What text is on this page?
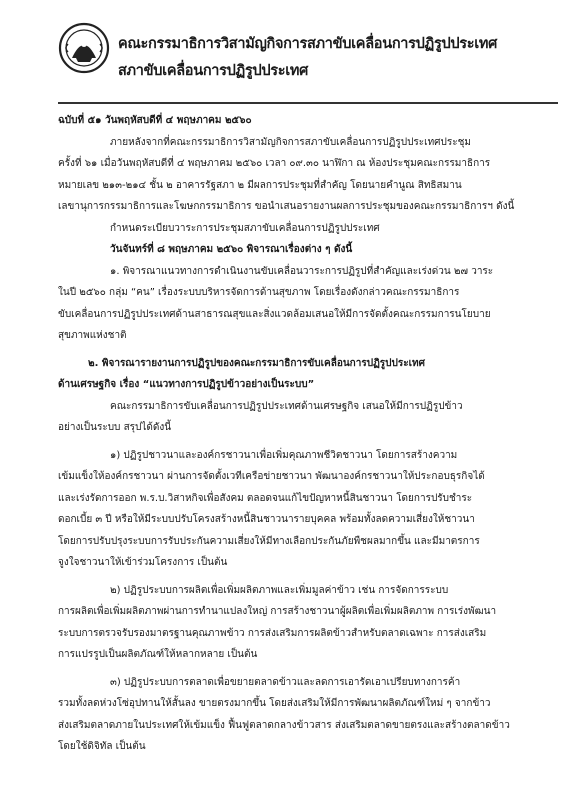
คณะกรรมาธิการวิสามัญกิจการสภาขับเคลื่อนการปฏิรูปประเทศ
สภาขับเคลื่อนการปฏิรูปประเทศ
ฉบับที่ ๕๑ วันพฤหัสบดีที่ ๔ พฤษภาคม ๒๕๖๐
ภายหลังจากที่คณะกรรมาธิการวิสามัญกิจการสภาขับเคลื่อนการปฏิรูปประเทศประชุม
ครั้งที่ ๖๑ เมื่อวันพฤหัสบดีที่ ๔ พฤษภาคม ๒๕๖๐ เวลา ๐๙.๓๐ นาฬิกา ณ ห้องประชุมคณะกรรมาธิการ
หมายเลข ๒๑๓-๒๑๔ ชั้น ๒ อาคารรัฐสภา ๒ มีผลการประชุมที่สำคัญ โดยนายคำนูณ สิทธิสมาน
เลขานุการกรรมาธิการและโฆษกกรรมาธิการ ขอนำเสนอรายงานผลการประชุมของคณะกรรมาธิการฯ ดังนี้
กำหนดระเบียบวาระการประชุมสภาขับเคลื่อนการปฏิรูปประเทศ
วันจันทร์ที่ ๘ พฤษภาคม ๒๕๖๐ พิจารณาเรื่องต่าง ๆ ดังนี้
๑. พิจารณาแนวทางการดำเนินงานขับเคลื่อนวาระการปฏิรูปที่สำคัญและเร่งด่วน ๒๗ วาระ
ในปี ๒๕๖๐ กลุ่ม “คน” เรื่องระบบบริหารจัดการด้านสุขภาพ โดยเรื่องดังกล่าวคณะกรรมาธิการ
ขับเคลื่อนการปฏิรูปประเทศด้านสาธารณสุขและสิ่งแวดล้อมเสนอให้มีการจัดตั้งคณะกรรมการนโยบาย
สุขภาพแห่งชาติ
๒. พิจารณารายงานการปฏิรูปของคณะกรรมาธิการขับเคลื่อนการปฏิรูปประเทศ
ด้านเศรษฐกิจ เรื่อง “แนวทางการปฏิรูปข้าวอย่างเป็นระบบ”
คณะกรรมาธิการขับเคลื่อนการปฏิรูปประเทศด้านเศรษฐกิจ เสนอให้มีการปฏิรูปข้าว
อย่างเป็นระบบ สรุปได้ดังนี้
๑) ปฏิรูปชาวนาและองค์กรชาวนาเพื่อเพิ่มคุณภาพชีวิตชาวนา โดยการสร้างความ
เข้มแข็งให้องค์กรชาวนา ผ่านการจัดตั้งเวทีเครือข่ายชาวนา พัฒนาองค์กรชาวนาให้ประกอบธุรกิจได้
และเร่งรัดการออก พ.ร.บ.วิสาหกิจเพื่อสังคม ตลอดจนแก้ไขปัญหาหนี้สินชาวนา โดยการปรับชำระ
ดอกเบี้ย ๓ ปี หรือให้มีระบบปรับโครงสร้างหนี้สินชาวนารายบุคคล พร้อมทั้งลดความเสี่ยงให้ชาวนา
โดยการปรับปรุงระบบการรับประกันความเสี่ยงให้มีทางเลือกประกันภัยพืชผลมากขึ้น และมีมาตรการ
จูงใจชาวนาให้เข้าร่วมโครงการ เป็นต้น
๒) ปฏิรูประบบการผลิตเพื่อเพิ่มผลิตภาพและเพิ่มมูลค่าข้าว เช่น การจัดการระบบ
การผลิตเพื่อเพิ่มผลิตภาพผ่านการทำนาแปลงใหญ่ การสร้างชาวนาผู้ผลิตเพื่อเพิ่มผลิตภาพ การเร่งพัฒนา
ระบบการตรวจรับรองมาตรฐานคุณภาพข้าว การส่งเสริมการผลิตข้าวสำหรับตลาดเฉพาะ การส่งเสริม
การแปรรูปเป็นผลิตภัณฑ์ให้หลากหลาย เป็นต้น
๓) ปฏิรูประบบการตลาดเพื่อขยายตลาดข้าวและลดการเอารัดเอาเปรียบทางการค้า
รวมทั้งลดห่วงโซ่อุปทานให้สั้นลง ขายตรงมากขึ้น โดยส่งเสริมให้มีการพัฒนาผลิตภัณฑ์ใหม่ ๆ จากข้าว
ส่งเสริมตลาดภายในประเทศให้เข้มแข็ง ฟื้นฟูตลาดกลางข้าวสาร ส่งเสริมตลาดขายตรงและสร้างตลาดข้าว
โดยใช้ดิจิทัล เป็นต้น
